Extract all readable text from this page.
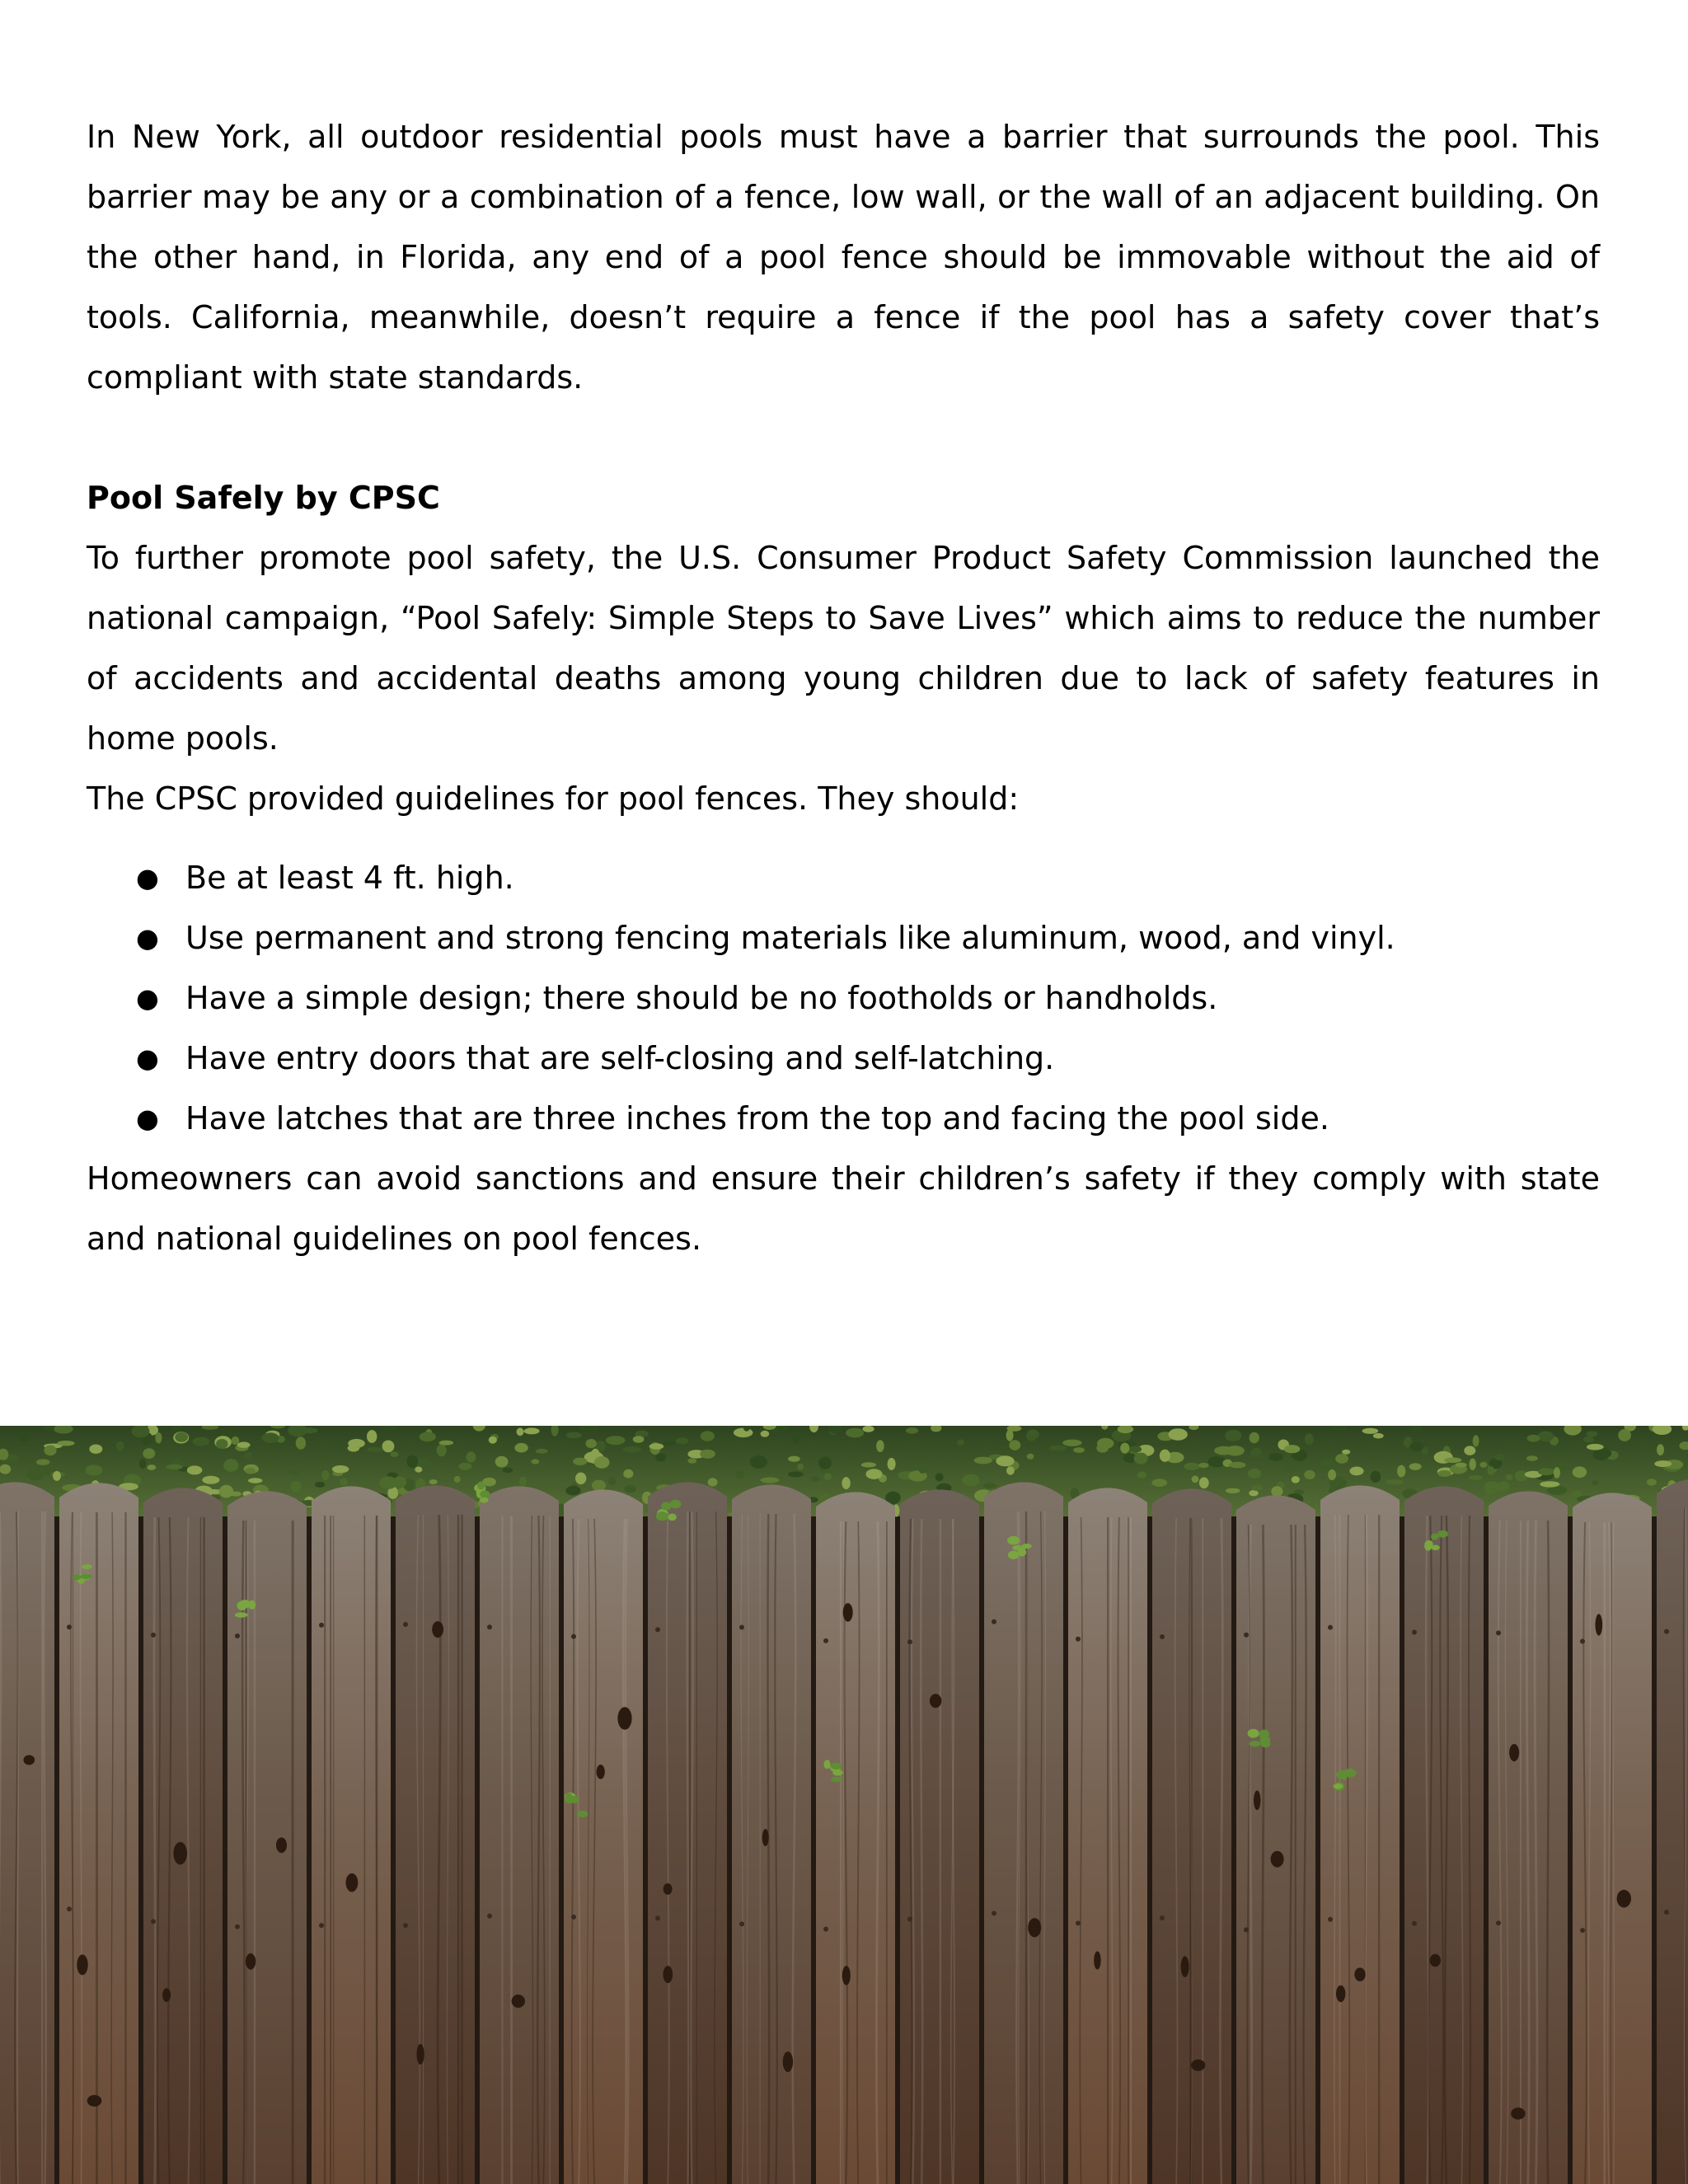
In New York, all outdoor residential pools must have a barrier that surrounds the pool. This barrier may be any or a combination of a fence, low wall, or the wall of an adjacent building. On the other hand, in Florida, any end of a pool fence should be immovable without the aid of tools. California, meanwhile, doesn’t require a fence if the pool has a safety cover that’s compliant with state standards.

Pool Safely by CPSC

To further promote pool safety, the U.S. Consumer Product Safety Commission launched the national campaign, “Pool Safely: Simple Steps to Save Lives” which aims to reduce the number of accidents and accidental deaths among young children due to lack of safety features in home pools.

The CPSC provided guidelines for pool fences. They should:

● Be at least 4 ft. high.
● Use permanent and strong fencing materials like aluminum, wood, and vinyl.
● Have a simple design; there should be no footholds or handholds.
● Have entry doors that are self-closing and self-latching.
● Have latches that are three inches from the top and facing the pool side.

Homeowners can avoid sanctions and ensure their children’s safety if they comply with state and national guidelines on pool fences.
